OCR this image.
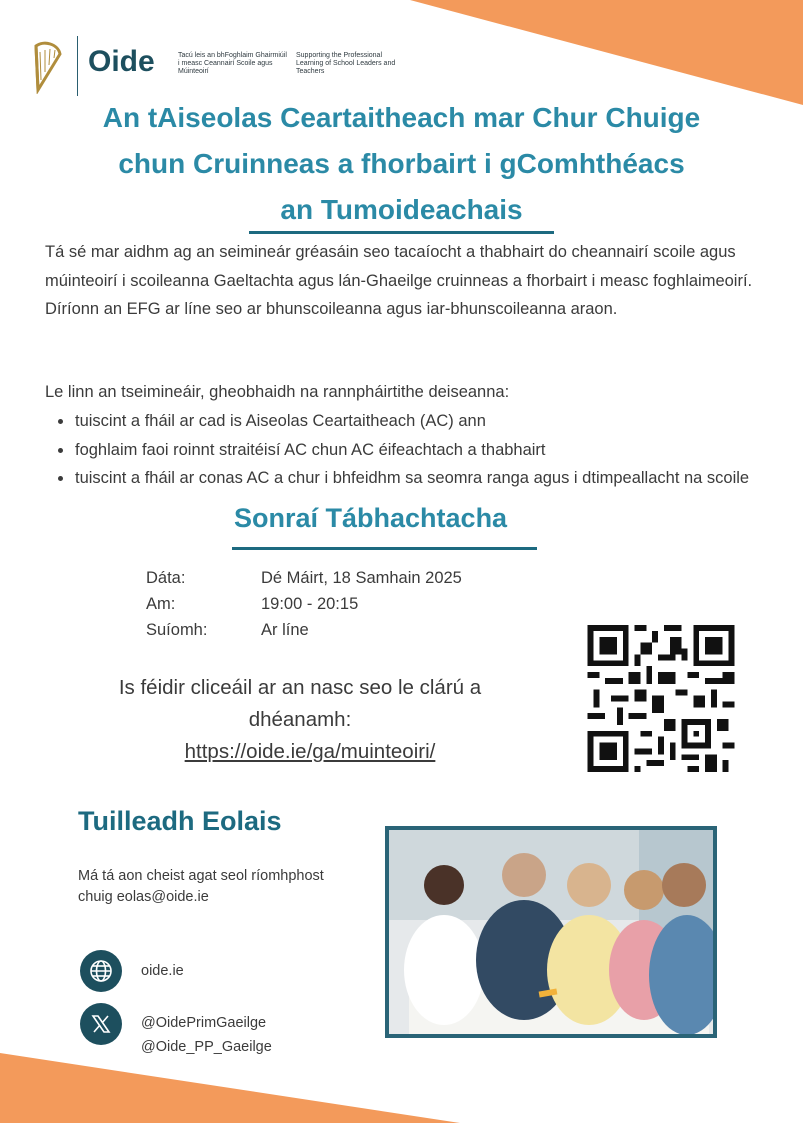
Oide	Tacú leis an bhFoghlaim Ghairmiúil i measc Ceannairí Scoile agus Múinteoirí
Supporting the Professional Learning of School Leaders and Teachers
An tAiseolas Ceartaitheach mar Chur Chuige
chun Cruinneas a fhorbairt i gComhthéacs
an Tumoideachais
Tá sé mar aidhm ag an seimineár gréasáin seo tacaíocht a thabhairt do cheannairí scoile agus múinteoirí i scoileanna Gaeltachta agus lán-Ghaeilge cruinneas a fhorbairt i measc foghlaimeoirí. Díríonn an EFG ar líne seo ar bhunscoileanna agus iar-bhunscoileanna araon.
Le linn an tseimineáir, gheobhaidh na rannpháirtithe deiseanna:
tuiscint a fháil ar cad is Aiseolas Ceartaitheach (AC) ann
foghlaim faoi roinnt straitéisí AC chun AC éifeachtach a thabhairt
tuiscint a fháil ar conas AC a chur i bhfeidhm sa seomra ranga agus i dtimpeallacht na scoile
Sonraí Tábhachtacha
Dáta:	Dé Máirt, 18 Samhain 2025
Am:	19:00 - 20:15
Suíomh:	Ar líne
Is féidir cliceáil ar an nasc seo le clárú a dhéanamh:
https://oide.ie/ga/muinteoiri/
Tuilleadh Eolais
Má tá aon cheist agat seol ríomhphost chuig eolas@oide.ie
oide.ie
@OidePrimGaeilge
@Oide_PP_Gaeilge
